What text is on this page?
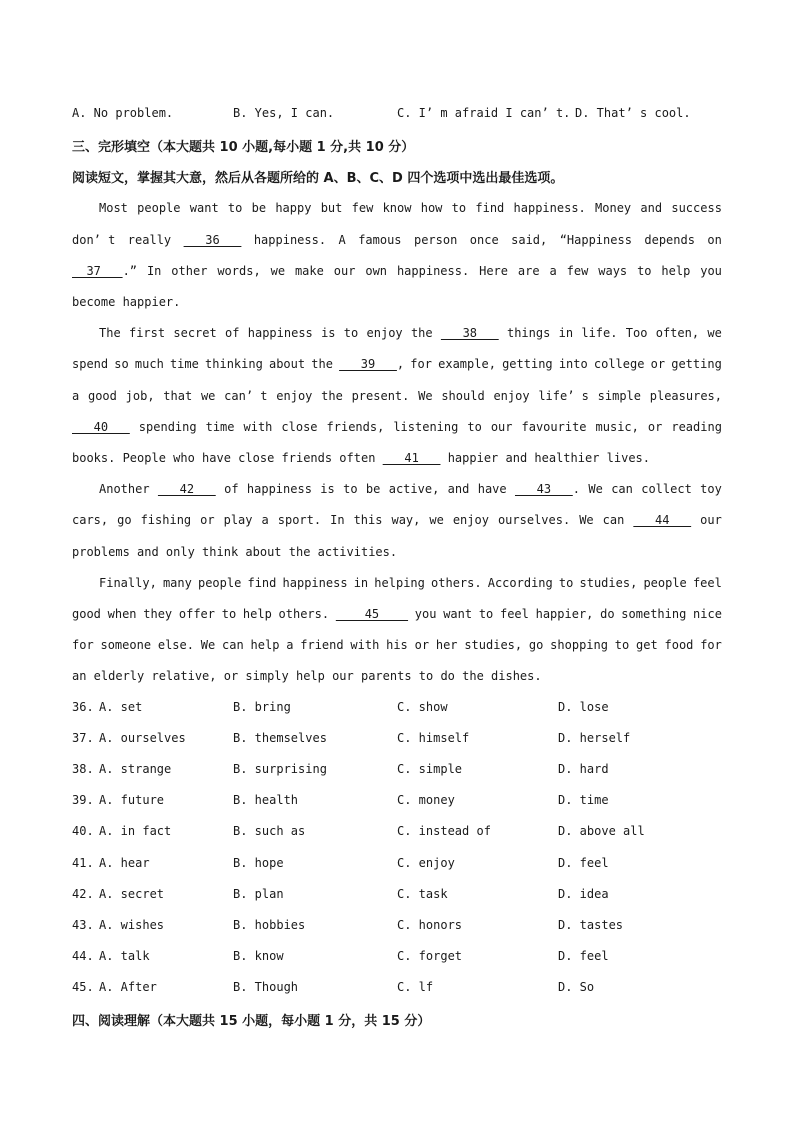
A. No problem.	B. Yes, I can.	C. I’ m afraid I can’ t. D. That’ s cool.
三、完形填空（本大题共 10 小题,每小题 1 分,共 10 分）
阅读短文，掌握其大意，然后从各题所给的 A、B、C、D 四个选项中选出最佳选项。
Most people want to be happy but few know how to find happiness. Money and success
don’ t really 36 happiness. A famous person once said, “Happiness depends on
37   .” In other words, we make our own happiness. Here are a few ways to help you
become happier.
The first secret of happiness is to enjoy the 38 things in life. Too often, we
spend so much time thinking about the 39   , for example, getting into college or getting
a good job, that we can’ t enjoy the present. We should enjoy life’ s simple pleasures,
40 spending time with close friends, listening to our favourite music, or reading
books. People who have close friends often    41    happier and healthier lives.
Another 42 of happiness is to be active, and have 43   . We can collect toy
cars, go fishing or play a sport. In this way, we enjoy ourselves. We can 44 our
problems and only think about the activities.
Finally, many people find happiness in helping others. According to studies, people feel
good when they offer to help others. 45 you want to feel happier, do something nice
for someone else. We can help a friend with his or her studies, go shopping to get food for
an elderly relative, or simply help our parents to do the dishes.
36. A. set	B. bring	C. show	D. lose
37. A. ourselves	B. themselves	C. himself	D. herself
38. A. strange	B. surprising	C. simple	D. hard
39. A. future	B. health	C. money	D. time
40. A. in fact	B. such as	C. instead of	D. above all
41. A. hear	B. hope	C. enjoy	D. feel
42. A. secret	B. plan	C. task	D. idea
43. A. wishes	B. hobbies	C. honors	D. tastes
44. A. talk	B. know	C. forget	D. feel
45. A. After	B. Though	C. lf	D. So
四、阅读理解（本大题共 15 小题，每小题 1 分，共 15 分）
